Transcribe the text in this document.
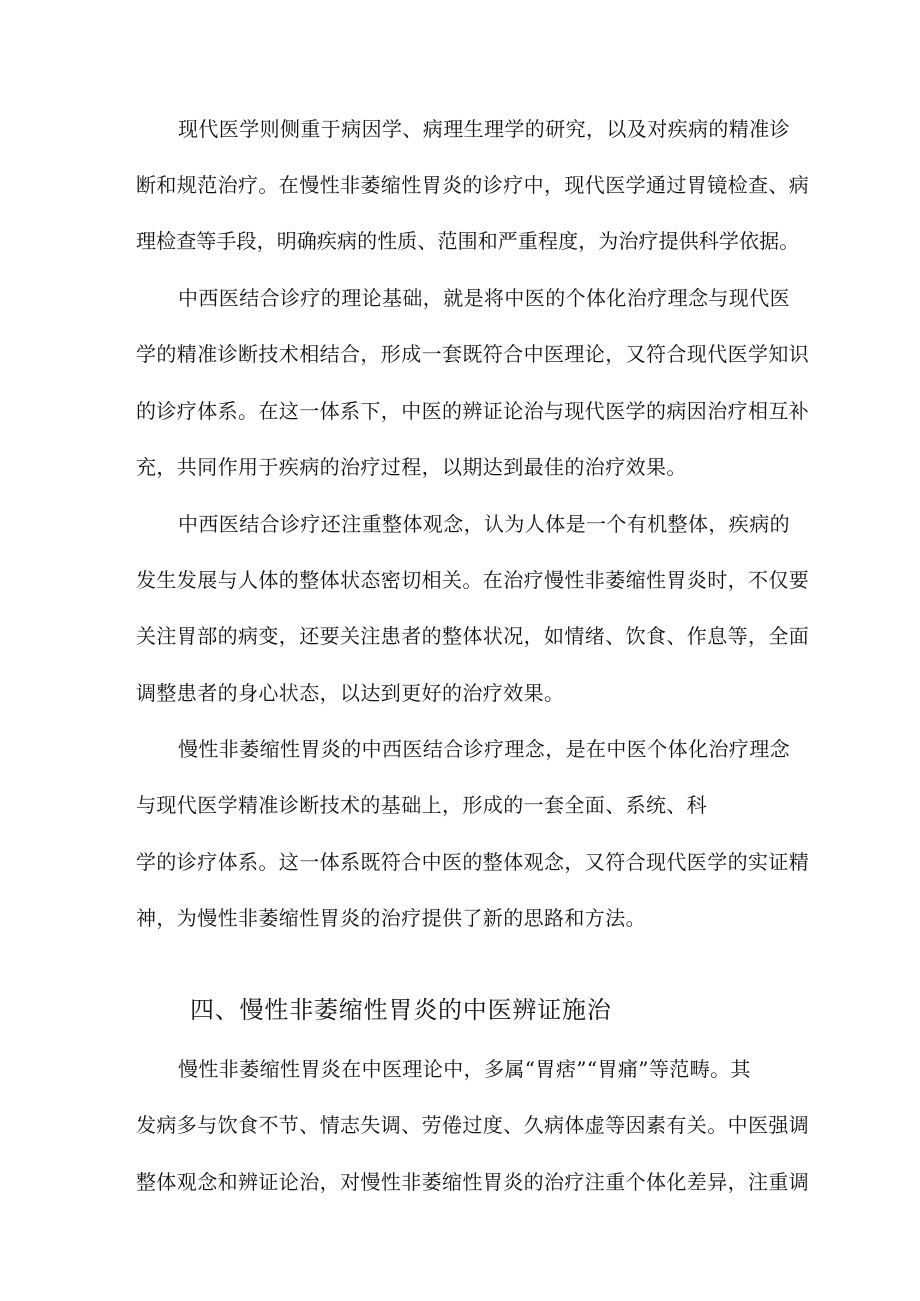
现代医学则侧重于病因学、病理生理学的研究，以及对疾病的精准诊
断和规范治疗。在慢性非萎缩性胃炎的诊疗中，现代医学通过胃镜检查、病
理检查等手段，明确疾病的性质、范围和严重程度，为治疗提供科学依据。
中西医结合诊疗的理论基础，就是将中医的个体化治疗理念与现代医
学的精准诊断技术相结合，形成一套既符合中医理论，又符合现代医学知识
的诊疗体系。在这一体系下，中医的辨证论治与现代医学的病因治疗相互补
充，共同作用于疾病的治疗过程，以期达到最佳的治疗效果。
中西医结合诊疗还注重整体观念，认为人体是一个有机整体，疾病的
发生发展与人体的整体状态密切相关。在治疗慢性非萎缩性胃炎时，不仅要
关注胃部的病变，还要关注患者的整体状况，如情绪、饮食、作息等，全面
调整患者的身心状态，以达到更好的治疗效果。
慢性非萎缩性胃炎的中西医结合诊疗理念，是在中医个体化治疗理念
与现代医学精准诊断技术的基础上，形成的一套全面、系统、科
学的诊疗体系。这一体系既符合中医的整体观念，又符合现代医学的实证精
神，为慢性非萎缩性胃炎的治疗提供了新的思路和方法。
四、慢性非萎缩性胃炎的中医辨证施治
慢性非萎缩性胃炎在中医理论中，多属“胃痞”“胃痛”等范畴。其
发病多与饮食不节、情志失调、劳倦过度、久病体虚等因素有关。中医强调
整体观念和辨证论治，对慢性非萎缩性胃炎的治疗注重个体化差异，注重调
